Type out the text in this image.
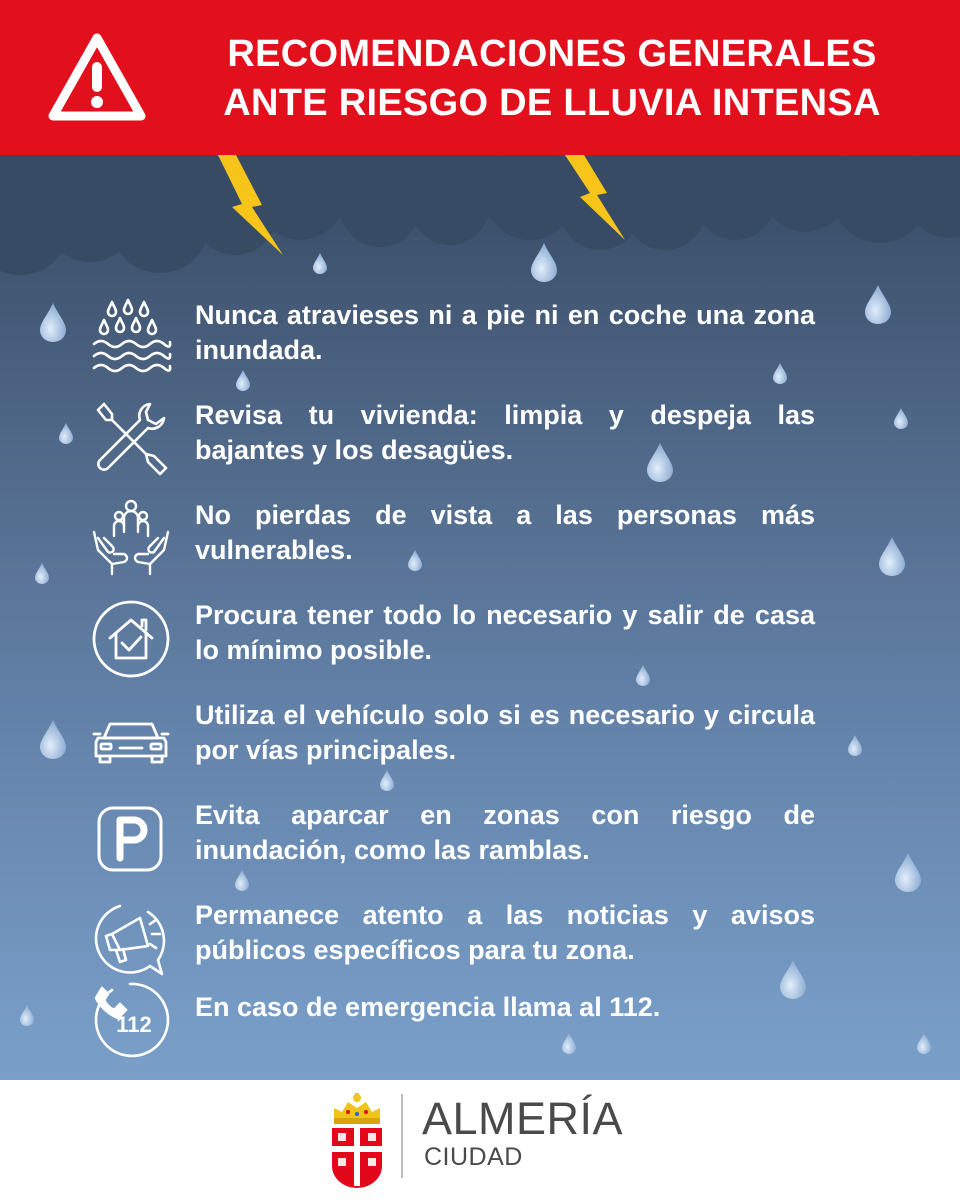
RECOMENDACIONES GENERALES
ANTE RIESGO DE LLUVIA INTENSA
Nunca atravieses ni a pie ni en coche una zona inundada.
Revisa tu vivienda: limpia y despeja las bajantes y los desagües.
No pierdas de vista a las personas más vulnerables.
Procura tener todo lo necesario y salir de casa lo mínimo posible.
Utiliza el vehículo solo si es necesario y circula por vías principales.
Evita aparcar en zonas con riesgo de inundación, como las ramblas.
Permanece atento a las noticias y avisos públicos específicos para tu zona.
112
En caso de emergencia llama al 112.
ALMERÍA
CIUDAD
